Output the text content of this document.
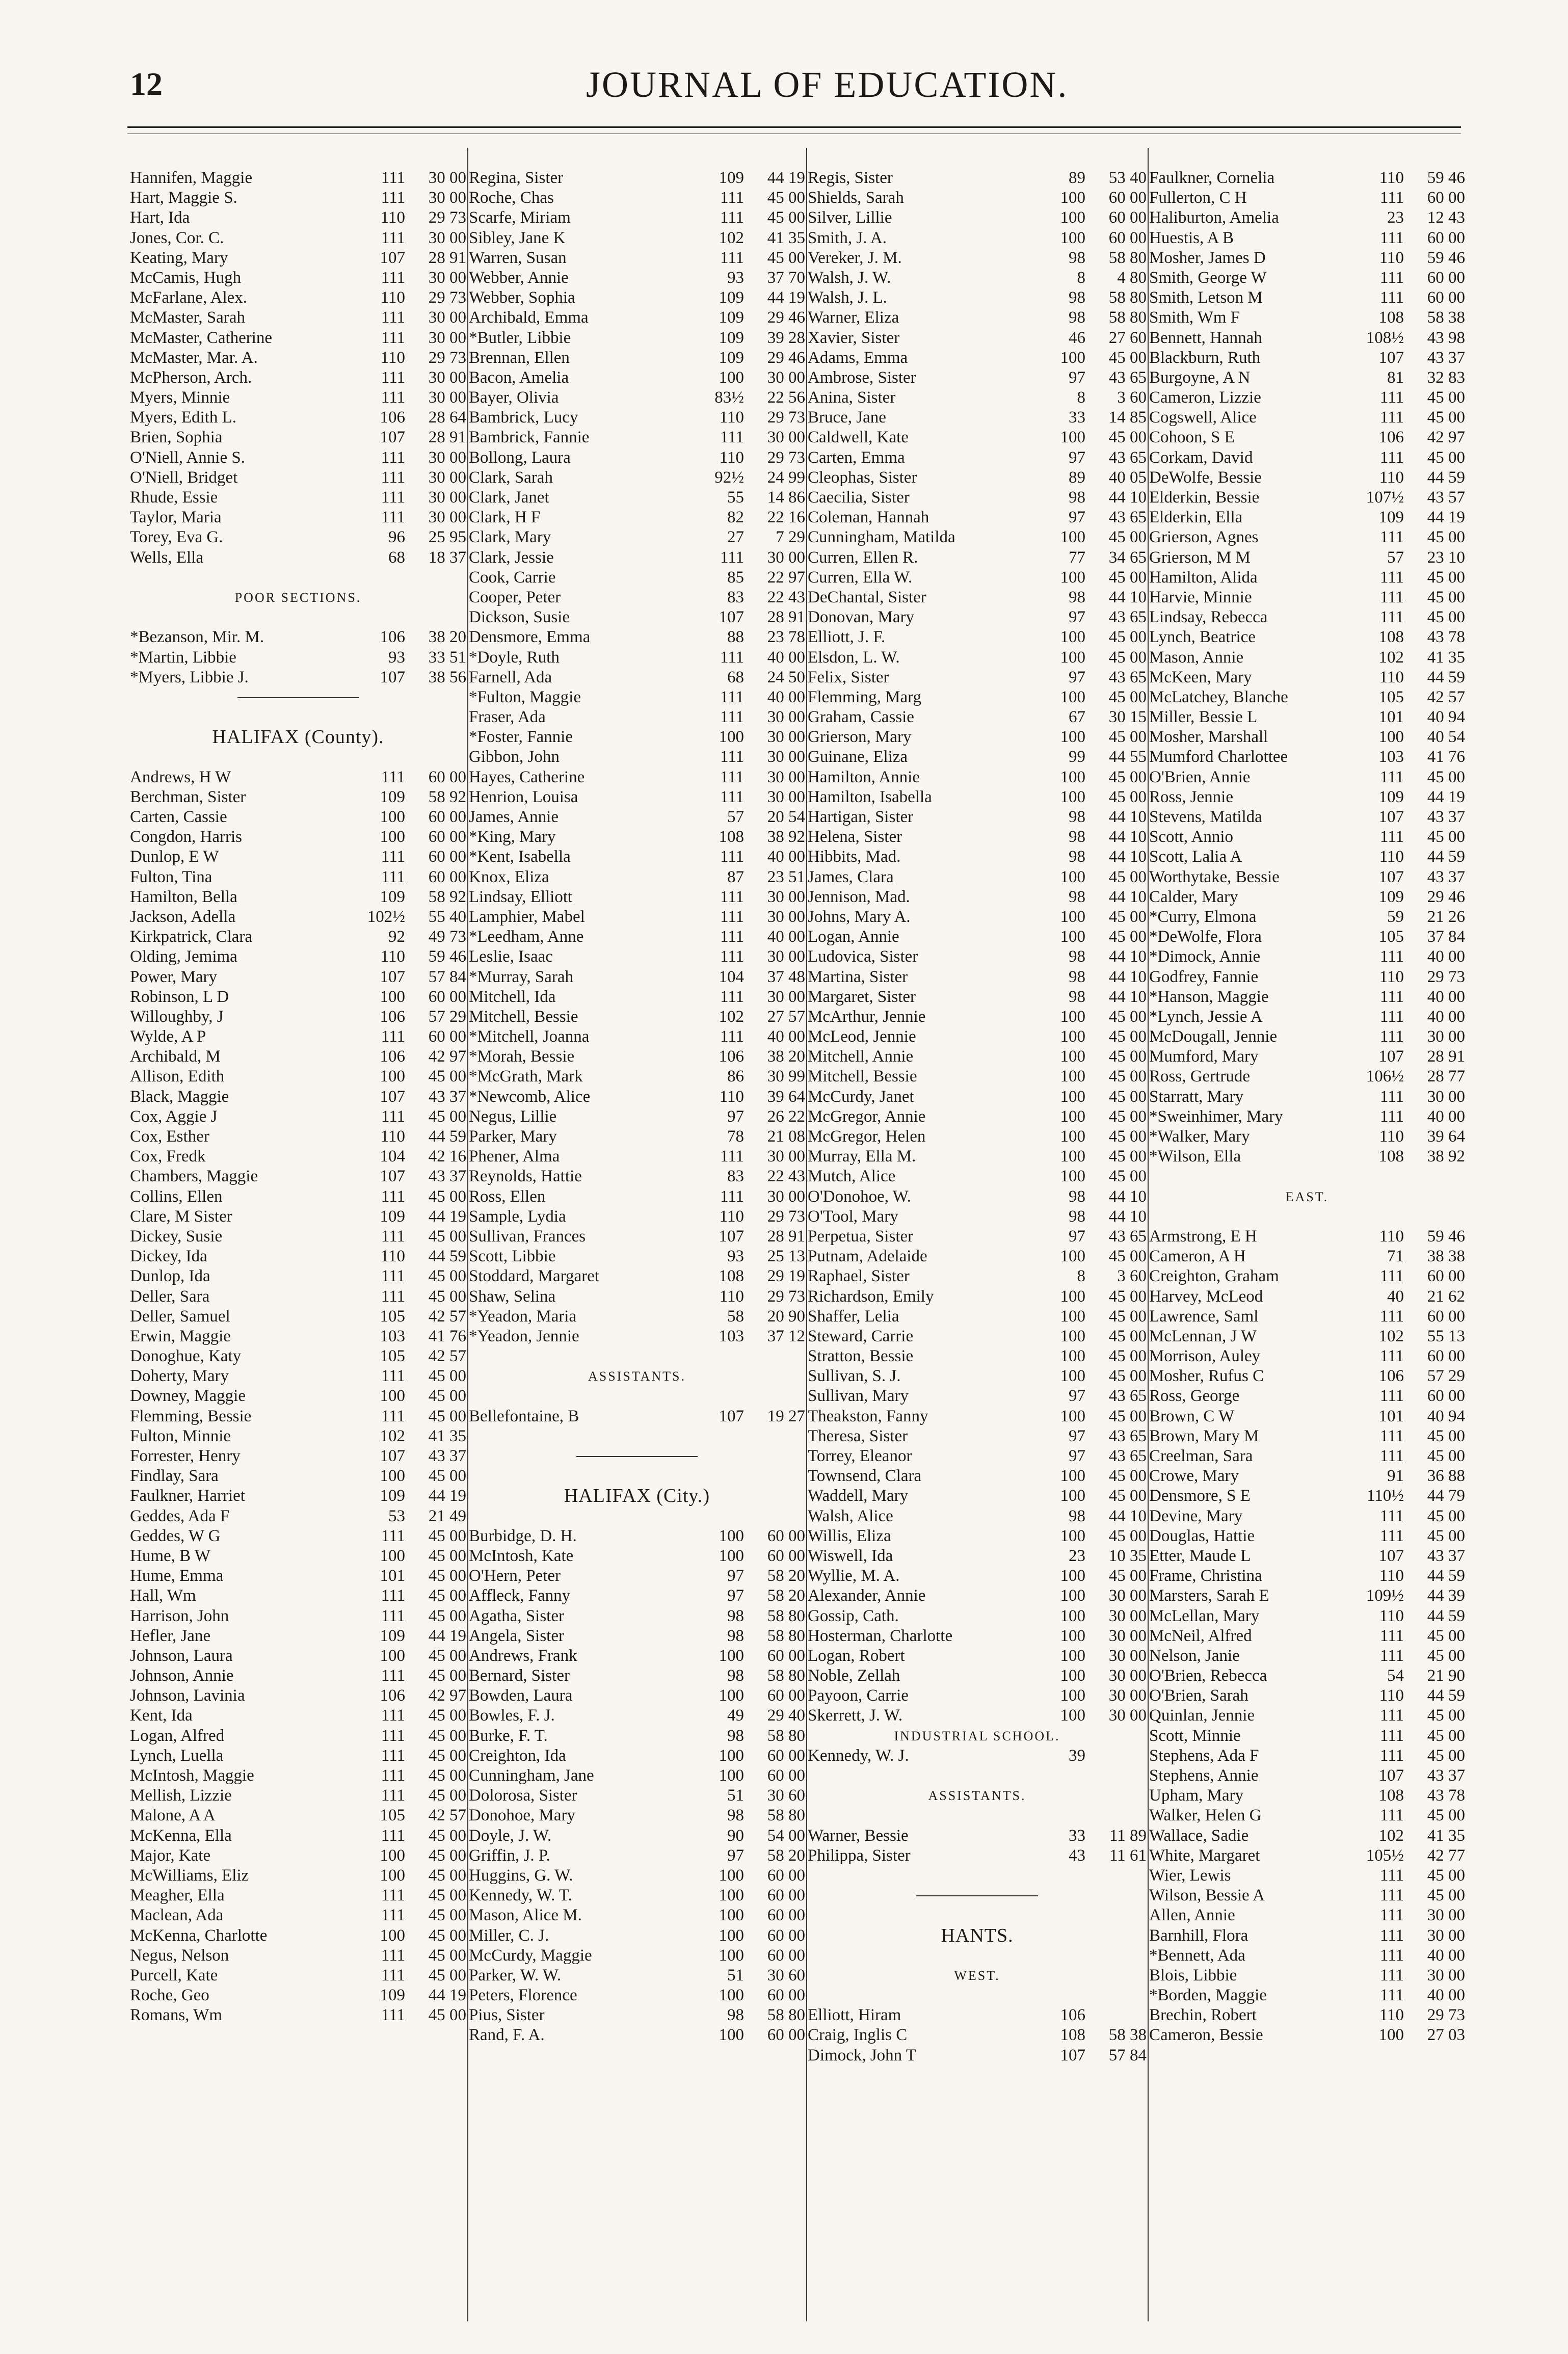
12	JOURNAL OF EDUCATION.
Hannifen, Maggie	111	30 00
Hart, Maggie S.	111	30 00
Hart, Ida	110	29 73
Jones, Cor. C.	111	30 00
Keating, Mary	107	28 91
McCamis, Hugh	111	30 00
McFarlane, Alex.	110	29 73
McMaster, Sarah	111	30 00
McMaster, Catherine	111	30 00
McMaster, Mar. A.	110	29 73
McPherson, Arch.	111	30 00
Myers, Minnie	111	30 00
Myers, Edith L.	106	28 64
Brien, Sophia	107	28 91
O'Niell, Annie S.	111	30 00
O'Niell, Bridget	111	30 00
Rhude, Essie	111	30 00
Taylor, Maria	111	30 00
Torey, Eva G.	96	25 95
Wells, Ella	68	18 37
POOR SECTIONS.
*Bezanson, Mir. M.	106	38 20
*Martin, Libbie	93	33 51
*Myers, Libbie J.	107	38 56
HALIFAX (County).
Andrews, H W	111	60 00
Berchman, Sister	109	58 92
Carten, Cassie	100	60 00
Congdon, Harris	100	60 00
Dunlop, E W	111	60 00
Fulton, Tina	111	60 00
Hamilton, Bella	109	58 92
Jackson, Adella	102½	55 40
Kirkpatrick, Clara	92	49 73
Olding, Jemima	110	59 46
Power, Mary	107	57 84
Robinson, L D	100	60 00
Willoughby, J	106	57 29
Wylde, A P	111	60 00
Archibald, M	106	42 97
Allison, Edith	100	45 00
Black, Maggie	107	43 37
Cox, Aggie J	111	45 00
Cox, Esther	110	44 59
Cox, Fredk	104	42 16
Chambers, Maggie	107	43 37
Collins, Ellen	111	45 00
Clare, M Sister	109	44 19
Dickey, Susie	111	45 00
Dickey, Ida	110	44 59
Dunlop, Ida	111	45 00
Deller, Sara	111	45 00
Deller, Samuel	105	42 57
Erwin, Maggie	103	41 76
Donoghue, Katy	105	42 57
Doherty, Mary	111	45 00
Downey, Maggie	100	45 00
Flemming, Bessie	111	45 00
Fulton, Minnie	102	41 35
Forrester, Henry	107	43 37
Findlay, Sara	100	45 00
Faulkner, Harriet	109	44 19
Geddes, Ada F	53	21 49
Geddes, W G	111	45 00
Hume, B W	100	45 00
Hume, Emma	101	45 00
Hall, Wm	111	45 00
Harrison, John	111	45 00
Hefler, Jane	109	44 19
Johnson, Laura	100	45 00
Johnson, Annie	111	45 00
Johnson, Lavinia	106	42 97
Kent, Ida	111	45 00
Logan, Alfred	111	45 00
Lynch, Luella	111	45 00
McIntosh, Maggie	111	45 00
Mellish, Lizzie	111	45 00
Malone, A A	105	42 57
McKenna, Ella	111	45 00
Major, Kate	100	45 00
McWilliams, Eliz	100	45 00
Meagher, Ella	111	45 00
Maclean, Ada	111	45 00
McKenna, Charlotte	100	45 00
Negus, Nelson	111	45 00
Purcell, Kate	111	45 00
Roche, Geo	109	44 19
Romans, Wm	111	45 00
Regina, Sister	109	44 19
Roche, Chas	111	45 00
Scarfe, Miriam	111	45 00
Sibley, Jane K	102	41 35
Warren, Susan	111	45 00
Webber, Annie	93	37 70
Webber, Sophia	109	44 19
Archibald, Emma	109	29 46
*Butler, Libbie	109	39 28
Brennan, Ellen	109	29 46
Bacon, Amelia	100	30 00
Bayer, Olivia	83½	22 56
Bambrick, Lucy	110	29 73
Bambrick, Fannie	111	30 00
Bollong, Laura	110	29 73
Clark, Sarah	92½	24 99
Clark, Janet	55	14 86
Clark, H F	82	22 16
Clark, Mary	27	7 29
Clark, Jessie	111	30 00
Cook, Carrie	85	22 97
Cooper, Peter	83	22 43
Dickson, Susie	107	28 91
Densmore, Emma	88	23 78
*Doyle, Ruth	111	40 00
Farnell, Ada	68	24 50
*Fulton, Maggie	111	40 00
Fraser, Ada	111	30 00
*Foster, Fannie	100	30 00
Gibbon, John	111	30 00
Hayes, Catherine	111	30 00
Henrion, Louisa	111	30 00
James, Annie	57	20 54
*King, Mary	108	38 92
*Kent, Isabella	111	40 00
Knox, Eliza	87	23 51
Lindsay, Elliott	111	30 00
Lamphier, Mabel	111	30 00
*Leedham, Anne	111	40 00
Leslie, Isaac	111	30 00
*Murray, Sarah	104	37 48
Mitchell, Ida	111	30 00
Mitchell, Bessie	102	27 57
*Mitchell, Joanna	111	40 00
*Morah, Bessie	106	38 20
*McGrath, Mark	86	30 99
*Newcomb, Alice	110	39 64
Negus, Lillie	97	26 22
Parker, Mary	78	21 08
Phener, Alma	111	30 00
Reynolds, Hattie	83	22 43
Ross, Ellen	111	30 00
Sample, Lydia	110	29 73
Sullivan, Frances	107	28 91
Scott, Libbie	93	25 13
Stoddard, Margaret	108	29 19
Shaw, Selina	110	29 73
*Yeadon, Maria	58	20 90
*Yeadon, Jennie	103	37 12
ASSISTANTS.
Bellefontaine, B	107	19 27
HALIFAX (City.)
Burbidge, D. H.	100	60 00
McIntosh, Kate	100	60 00
O'Hern, Peter	97	58 20
Affleck, Fanny	97	58 20
Agatha, Sister	98	58 80
Angela, Sister	98	58 80
Andrews, Frank	100	60 00
Bernard, Sister	98	58 80
Bowden, Laura	100	60 00
Bowles, F. J.	49	29 40
Burke, F. T.	98	58 80
Creighton, Ida	100	60 00
Cunningham, Jane	100	60 00
Dolorosa, Sister	51	30 60
Donohoe, Mary	98	58 80
Doyle, J. W.	90	54 00
Griffin, J. P.	97	58 20
Huggins, G. W.	100	60 00
Kennedy, W. T.	100	60 00
Mason, Alice M.	100	60 00
Miller, C. J.	100	60 00
McCurdy, Maggie	100	60 00
Parker, W. W.	51	30 60
Peters, Florence	100	60 00
Pius, Sister	98	58 80
Rand, F. A.	100	60 00
Regis, Sister	89	53 40
Shields, Sarah	100	60 00
Silver, Lillie	100	60 00
Smith, J. A.	100	60 00
Vereker, J. M.	98	58 80
Walsh, J. W.	8	4 80
Walsh, J. L.	98	58 80
Warner, Eliza	98	58 80
Xavier, Sister	46	27 60
Adams, Emma	100	45 00
Ambrose, Sister	97	43 65
Anina, Sister	8	3 60
Bruce, Jane	33	14 85
Caldwell, Kate	100	45 00
Carten, Emma	97	43 65
Cleophas, Sister	89	40 05
Caecilia, Sister	98	44 10
Coleman, Hannah	97	43 65
Cunningham, Matilda	100	45 00
Curren, Ellen R.	77	34 65
Curren, Ella W.	100	45 00
DeChantal, Sister	98	44 10
Donovan, Mary	97	43 65
Elliott, J. F.	100	45 00
Elsdon, L. W.	100	45 00
Felix, Sister	97	43 65
Flemming, Marg	100	45 00
Graham, Cassie	67	30 15
Grierson, Mary	100	45 00
Guinane, Eliza	99	44 55
Hamilton, Annie	100	45 00
Hamilton, Isabella	100	45 00
Hartigan, Sister	98	44 10
Helena, Sister	98	44 10
Hibbits, Mad.	98	44 10
James, Clara	100	45 00
Jennison, Mad.	98	44 10
Johns, Mary A.	100	45 00
Logan, Annie	100	45 00
Ludovica, Sister	98	44 10
Martina, Sister	98	44 10
Margaret, Sister	98	44 10
McArthur, Jennie	100	45 00
McLeod, Jennie	100	45 00
Mitchell, Annie	100	45 00
Mitchell, Bessie	100	45 00
McCurdy, Janet	100	45 00
McGregor, Annie	100	45 00
McGregor, Helen	100	45 00
Murray, Ella M.	100	45 00
Mutch, Alice	100	45 00
O'Donohoe, W.	98	44 10
O'Tool, Mary	98	44 10
Perpetua, Sister	97	43 65
Putnam, Adelaide	100	45 00
Raphael, Sister	8	3 60
Richardson, Emily	100	45 00
Shaffer, Lelia	100	45 00
Steward, Carrie	100	45 00
Stratton, Bessie	100	45 00
Sullivan, S. J.	100	45 00
Sullivan, Mary	97	43 65
Theakston, Fanny	100	45 00
Theresa, Sister	97	43 65
Torrey, Eleanor	97	43 65
Townsend, Clara	100	45 00
Waddell, Mary	100	45 00
Walsh, Alice	98	44 10
Willis, Eliza	100	45 00
Wiswell, Ida	23	10 35
Wyllie, M. A.	100	45 00
Alexander, Annie	100	30 00
Gossip, Cath.	100	30 00
Hosterman, Charlotte	100	30 00
Logan, Robert	100	30 00
Noble, Zellah	100	30 00
Payoon, Carrie	100	30 00
Skerrett, J. W.	100	30 00
INDUSTRIAL SCHOOL.
Kennedy, W. J.	39
ASSISTANTS.
Warner, Bessie	33	11 89
Philippa, Sister	43	11 61
HANTS.
WEST.
Elliott, Hiram	106
Craig, Inglis C	108	58 38
Dimock, John T	107	57 84
Faulkner, Cornelia	110	59 46
Fullerton, C H	111	60 00
Haliburton, Amelia	23	12 43
Huestis, A B	111	60 00
Mosher, James D	110	59 46
Smith, George W	111	60 00
Smith, Letson M	111	60 00
Smith, Wm F	108	58 38
Bennett, Hannah	108½	43 98
Blackburn, Ruth	107	43 37
Burgoyne, A N	81	32 83
Cameron, Lizzie	111	45 00
Cogswell, Alice	111	45 00
Cohoon, S E	106	42 97
Corkam, David	111	45 00
DeWolfe, Bessie	110	44 59
Elderkin, Bessie	107½	43 57
Elderkin, Ella	109	44 19
Grierson, Agnes	111	45 00
Grierson, M M	57	23 10
Hamilton, Alida	111	45 00
Harvie, Minnie	111	45 00
Lindsay, Rebecca	111	45 00
Lynch, Beatrice	108	43 78
Mason, Annie	102	41 35
McKeen, Mary	110	44 59
McLatchey, Blanche	105	42 57
Miller, Bessie L	101	40 94
Mosher, Marshall	100	40 54
Mumford Charlottee	103	41 76
O'Brien, Annie	111	45 00
Ross, Jennie	109	44 19
Stevens, Matilda	107	43 37
Scott, Annio	111	45 00
Scott, Lalia A	110	44 59
Worthytake, Bessie	107	43 37
Calder, Mary	109	29 46
*Curry, Elmona	59	21 26
*DeWolfe, Flora	105	37 84
*Dimock, Annie	111	40 00
Godfrey, Fannie	110	29 73
*Hanson, Maggie	111	40 00
*Lynch, Jessie A	111	40 00
McDougall, Jennie	111	30 00
Mumford, Mary	107	28 91
Ross, Gertrude	106½	28 77
Starratt, Mary	111	30 00
*Sweinhimer, Mary	111	40 00
*Walker, Mary	110	39 64
*Wilson, Ella	108	38 92
EAST.
Armstrong, E H	110	59 46
Cameron, A H	71	38 38
Creighton, Graham	111	60 00
Harvey, McLeod	40	21 62
Lawrence, Saml	111	60 00
McLennan, J W	102	55 13
Morrison, Auley	111	60 00
Mosher, Rufus C	106	57 29
Ross, George	111	60 00
Brown, C W	101	40 94
Brown, Mary M	111	45 00
Creelman, Sara	111	45 00
Crowe, Mary	91	36 88
Densmore, S E	110½	44 79
Devine, Mary	111	45 00
Douglas, Hattie	111	45 00
Etter, Maude L	107	43 37
Frame, Christina	110	44 59
Marsters, Sarah E	109½	44 39
McLellan, Mary	110	44 59
McNeil, Alfred	111	45 00
Nelson, Janie	111	45 00
O'Brien, Rebecca	54	21 90
O'Brien, Sarah	110	44 59
Quinlan, Jennie	111	45 00
Scott, Minnie	111	45 00
Stephens, Ada F	111	45 00
Stephens, Annie	107	43 37
Upham, Mary	108	43 78
Walker, Helen G	111	45 00
Wallace, Sadie	102	41 35
White, Margaret	105½	42 77
Wier, Lewis	111	45 00
Wilson, Bessie A	111	45 00
Allen, Annie	111	30 00
Barnhill, Flora	111	30 00
*Bennett, Ada	111	40 00
Blois, Libbie	111	30 00
*Borden, Maggie	111	40 00
Brechin, Robert	110	29 73
Cameron, Bessie	100	27 03
